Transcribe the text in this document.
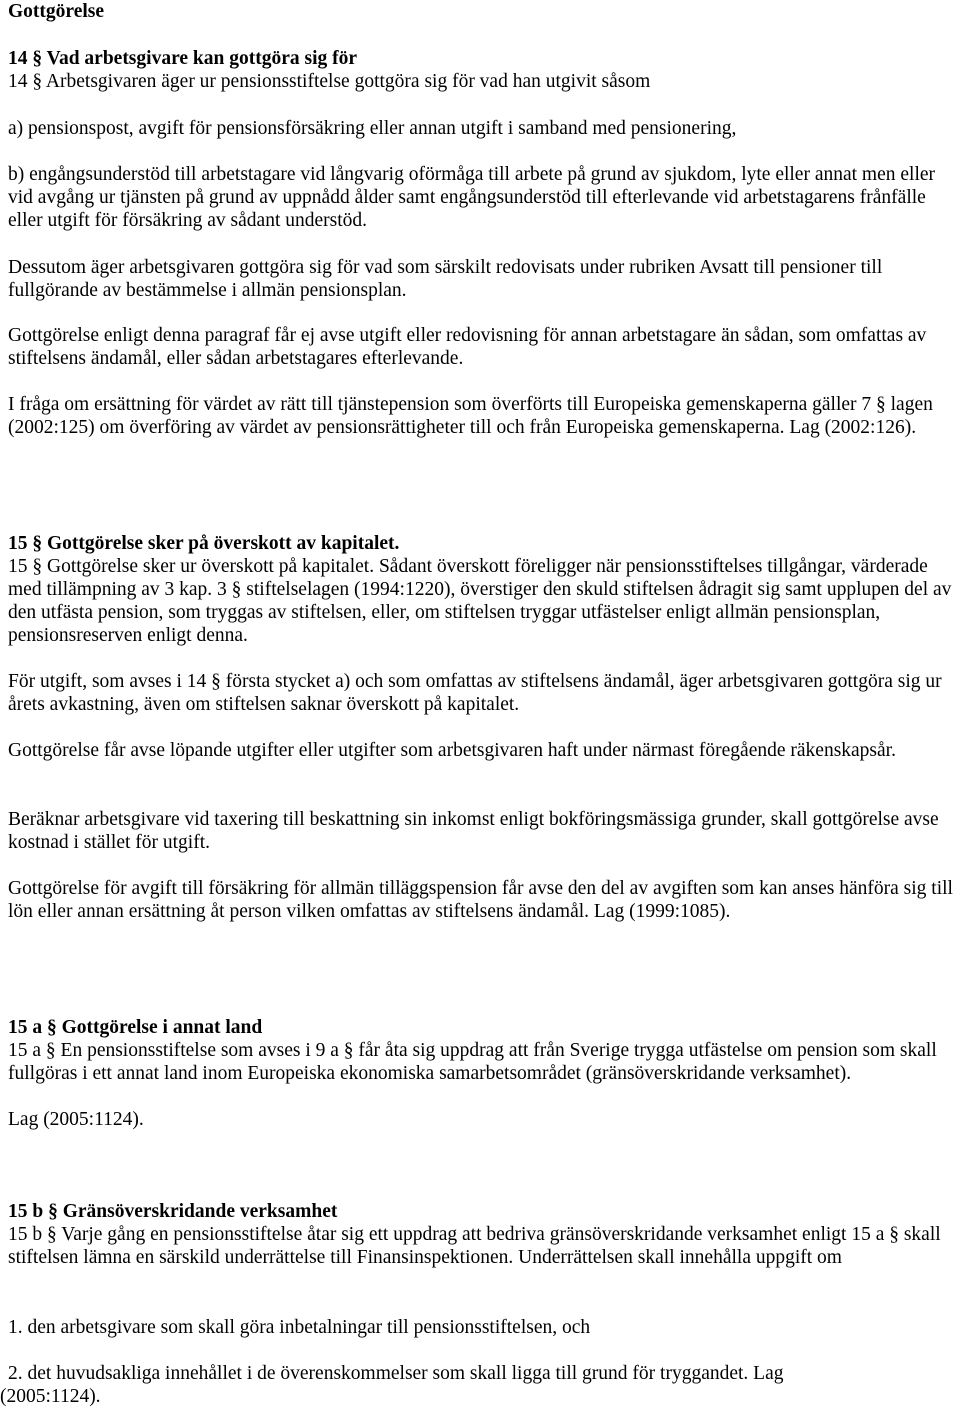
Gottgörelse

14 § Vad arbetsgivare kan gottgöra sig för

14 § Arbetsgivaren äger ur pensionsstiftelse gottgöra sig för vad han utgivit såsom

a) pensionspost, avgift för pensionsförsäkring eller annan utgift i samband med pensionering,

b) engångsunderstöd till arbetstagare vid långvarig oförmåga till arbete på grund av sjukdom, lyte eller annat men eller vid avgång ur tjänsten på grund av uppnådd ålder samt engångsunderstöd till efterlevande vid arbetstagarens frånfälle eller utgift för försäkring av sådant understöd.

Dessutom äger arbetsgivaren gottgöra sig för vad som särskilt redovisats under rubriken Avsatt till pensioner till fullgörande av bestämmelse i allmän pensionsplan.

Gottgörelse enligt denna paragraf får ej avse utgift eller redovisning för annan arbetstagare än sådan, som omfattas av stiftelsens ändamål, eller sådan arbetstagares efterlevande.

I fråga om ersättning för värdet av rätt till tjänstepension som överförts till Europeiska gemenskaperna gäller 7 § lagen (2002:125) om överföring av värdet av pensionsrättigheter till och från Europeiska gemenskaperna. Lag (2002:126).

15 § Gottgörelse sker på överskott av kapitalet.

15 § Gottgörelse sker ur överskott på kapitalet. Sådant överskott föreligger när pensionsstiftelses tillgångar, värderade med tillämpning av 3 kap. 3 § stiftelselagen (1994:1220), överstiger den skuld stiftelsen ådragit sig samt upplupen del av den utfästa pension, som tryggas av stiftelsen, eller, om stiftelsen tryggar utfästelser enligt allmän pensionsplan, pensionsreserven enligt denna.

För utgift, som avses i 14 § första stycket a) och som omfattas av stiftelsens ändamål, äger arbetsgivaren gottgöra sig ur årets avkastning, även om stiftelsen saknar överskott på kapitalet.

Gottgörelse får avse löpande utgifter eller utgifter som arbetsgivaren haft under närmast föregående räkenskapsår.

Beräknar arbetsgivare vid taxering till beskattning sin inkomst enligt bokföringsmässiga grunder, skall gottgörelse avse kostnad i stället för utgift.

Gottgörelse för avgift till försäkring för allmän tilläggspension får avse den del av avgiften som kan anses hänföra sig till lön eller annan ersättning åt person vilken omfattas av stiftelsens ändamål. Lag (1999:1085).

15 a § Gottgörelse i annat land

15 a § En pensionsstiftelse som avses i 9 a § får åta sig uppdrag att från Sverige trygga utfästelse om pension som skall fullgöras i ett annat land inom Europeiska ekonomiska samarbetsområdet (gränsöverskridande verksamhet).

Lag (2005:1124).

15 b § Gränsöverskridande verksamhet

15 b § Varje gång en pensionsstiftelse åtar sig ett uppdrag att bedriva gränsöverskridande verksamhet enligt 15 a § skall stiftelsen lämna en särskild underrättelse till Finansinspektionen. Underrättelsen skall innehålla uppgift om

1. den arbetsgivare som skall göra inbetalningar till pensionsstiftelsen, och

2. det huvudsakliga innehållet i de överenskommelser som skall ligga till grund för tryggandet. Lag
(2005:1124).
